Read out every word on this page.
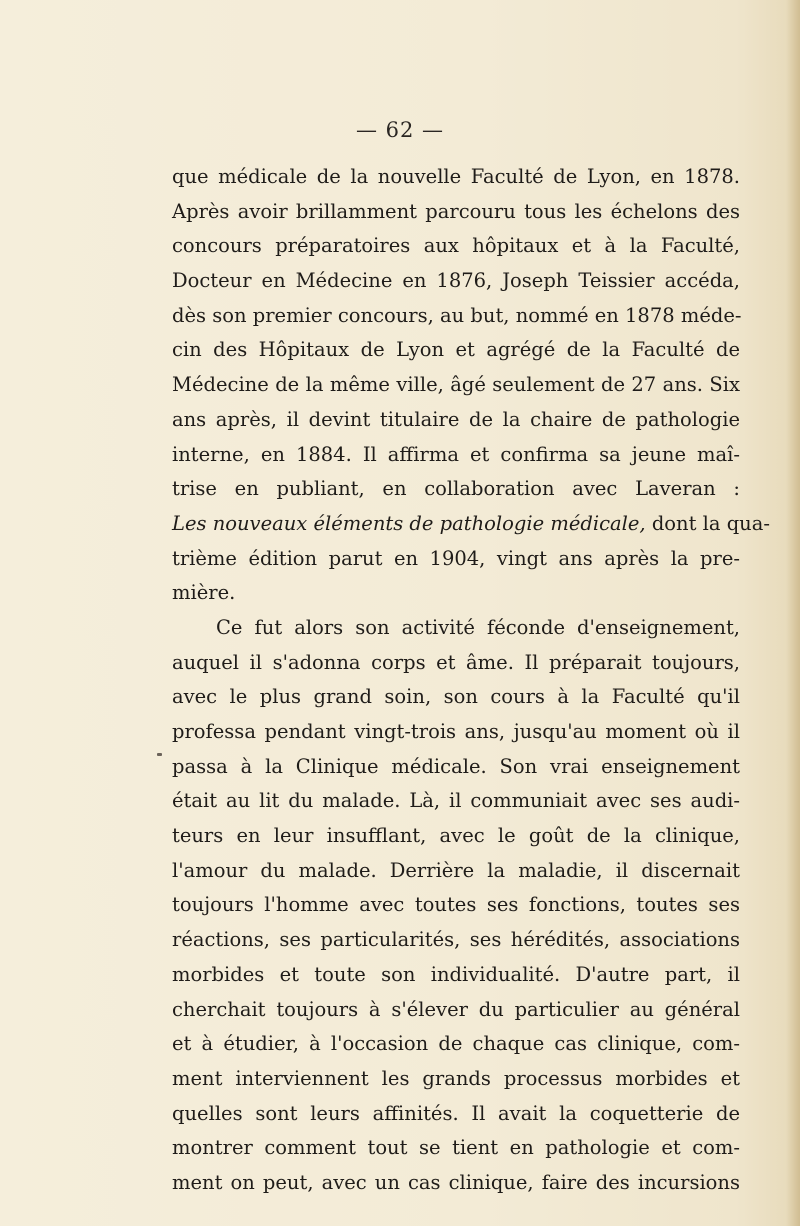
— 62 —
que médicale de la nouvelle Faculté de Lyon, en 1878.
Après avoir brillamment parcouru tous les échelons des
concours préparatoires aux hôpitaux et à la Faculté,
Docteur en Médecine en 1876, Joseph Teissier accéda,
dès son premier concours, au but, nommé en 1878 méde-
cin des Hôpitaux de Lyon et agrégé de la Faculté de
Médecine de la même ville, âgé seulement de 27 ans. Six
ans après, il devint titulaire de la chaire de pathologie
interne, en 1884. Il affirma et confirma sa jeune maî-
trise en publiant, en collaboration avec Laveran :
Les nouveaux éléments de pathologie médicale, dont la qua-
trième édition parut en 1904, vingt ans après la pre-
mière.
Ce fut alors son activité féconde d'enseignement,
auquel il s'adonna corps et âme. Il préparait toujours,
avec le plus grand soin, son cours à la Faculté qu'il
professa pendant vingt-trois ans, jusqu'au moment où il
passa à la Clinique médicale. Son vrai enseignement
était au lit du malade. Là, il communiait avec ses audi-
teurs en leur insufflant, avec le goût de la clinique,
l'amour du malade. Derrière la maladie, il discernait
toujours l'homme avec toutes ses fonctions, toutes ses
réactions, ses particularités, ses hérédités, associations
morbides et toute son individualité. D'autre part, il
cherchait toujours à s'élever du particulier au général
et à étudier, à l'occasion de chaque cas clinique, com-
ment interviennent les grands processus morbides et
quelles sont leurs affinités. Il avait la coquetterie de
montrer comment tout se tient en pathologie et com-
ment on peut, avec un cas clinique, faire des incursions
